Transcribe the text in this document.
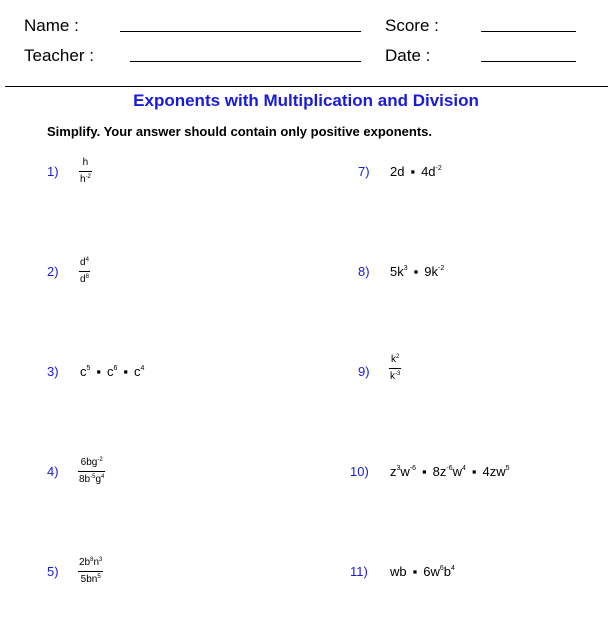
Name :	Score :
Teacher :	Date :
Exponents with Multiplication and Division
Simplify. Your answer should contain only positive exponents.
1)
h
$h^{-2}$
2)
$d^4$
$d^8$
3) $c^5$ ▪ $c^6$ ▪ $c^4$
4)
$6bg^{-2}$
$8b^{-5}g^4$
5)
$2b^8n^3$
$5bn^5$
7) 2d ▪ $4d^{-2}$
8) $5k^3$ ▪ $9k^{-2}$
9)
$k^2$
$k^{-3}$
10) $z^3w^{-6}$ ▪ $8z^{-6}w^4$ ▪ $4zw^5$
11) wb ▪ $6w^6b^4$
